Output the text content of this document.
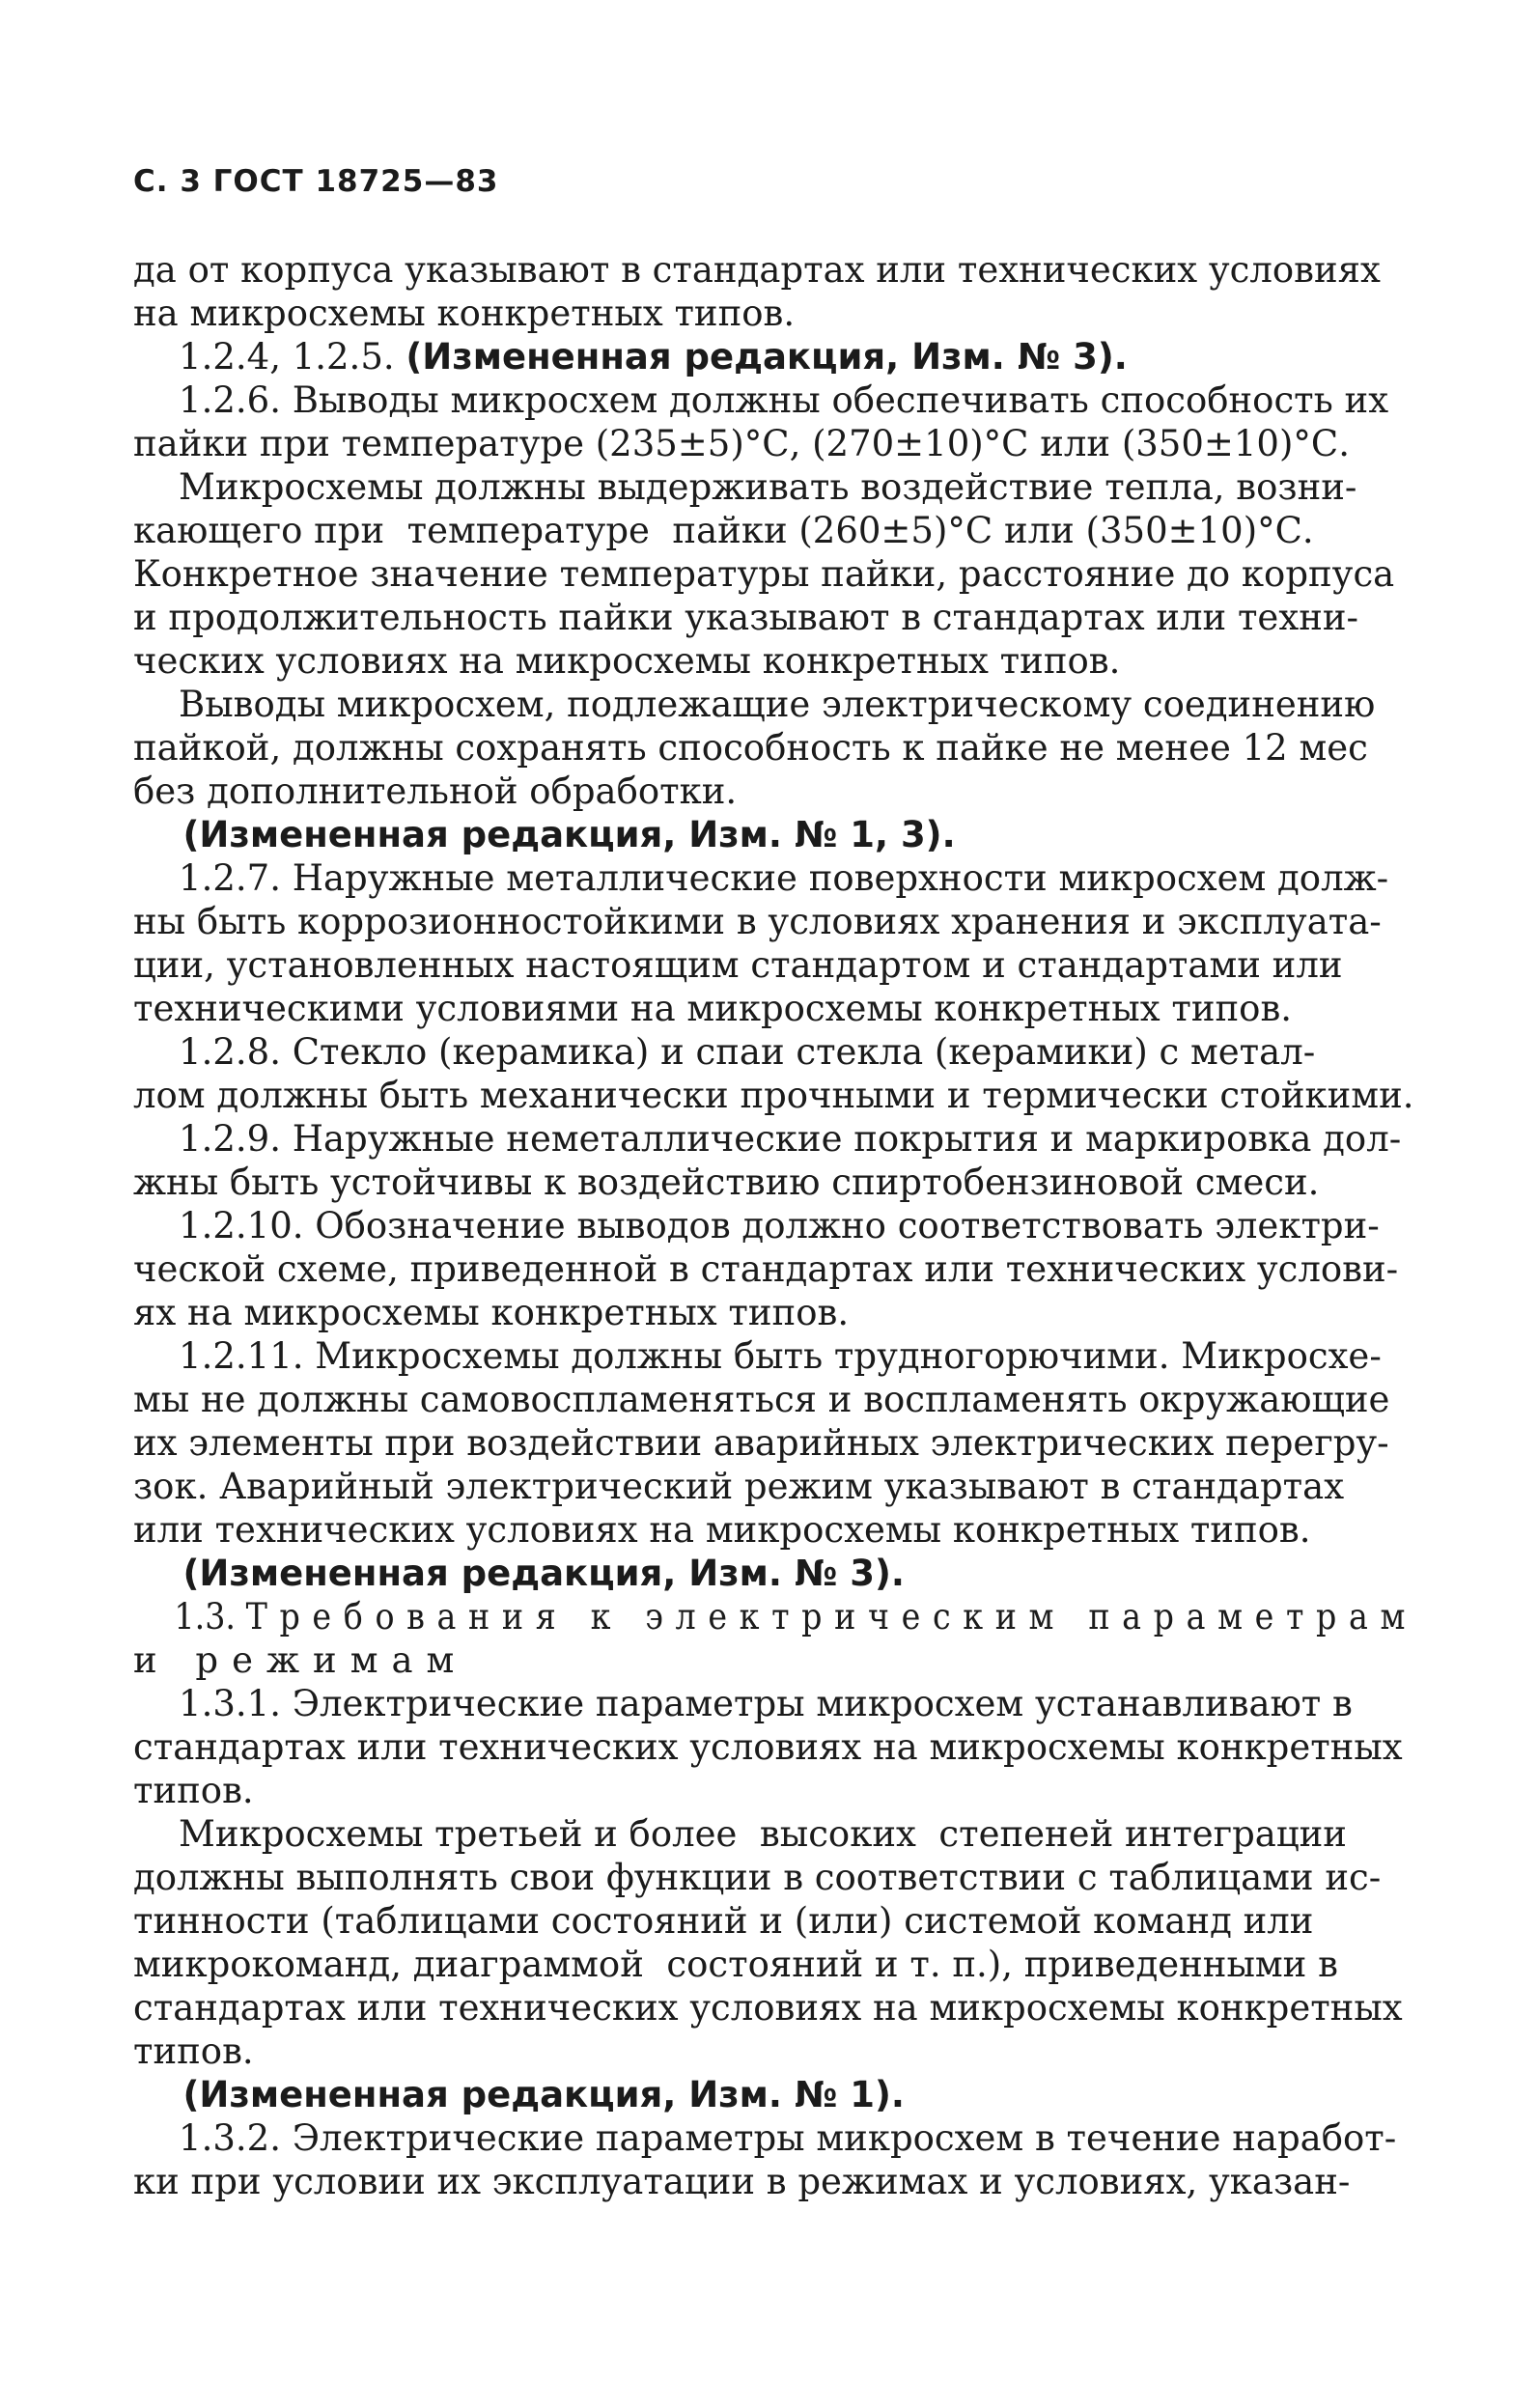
С. 3 ГОСТ 18725—83
да от корпуса указывают в стандартах или технических условиях
на микросхемы конкретных типов.
1.2.4, 1.2.5. (Измененная редакция, Изм. № 3).
1.2.6. Выводы микросхем должны обеспечивать способность их
пайки при температуре (235±5)°С, (270±10)°С или (350±10)°С.
Микросхемы должны выдерживать воздействие тепла, возни-
кающего при  температуре  пайки (260±5)°С или (350±10)°С.
Конкретное значение температуры пайки, расстояние до корпуса
и продолжительность пайки указывают в стандартах или техни-
ческих условиях на микросхемы конкретных типов.
Выводы микросхем, подлежащие электрическому соединению
пайкой, должны сохранять способность к пайке не менее 12 мес
без дополнительной обработки.
(Измененная редакция, Изм. № 1, 3).
1.2.7. Наружные металлические поверхности микросхем долж-
ны быть коррозионностойкими в условиях хранения и эксплуата-
ции, установленных настоящим стандартом и стандартами или
техническими условиями на микросхемы конкретных типов.
1.2.8. Стекло (керамика) и спаи стекла (керамики) с метал-
лом должны быть механически прочными и термически стойкими.
1.2.9. Наружные неметаллические покрытия и маркировка дол-
жны быть устойчивы к воздействию спиртобензиновой смеси.
1.2.10. Обозначение выводов должно соответствовать электри-
ческой схеме, приведенной в стандартах или технических услови-
ях на микросхемы конкретных типов.
1.2.11. Микросхемы должны быть трудногорючими. Микросхе-
мы не должны самовоспламеняться и воспламенять окружающие
их элементы при воздействии аварийных электрических перегру-
зок. Аварийный электрический режим указывают в стандартах
или технических условиях на микросхемы конкретных типов.
(Измененная редакция, Изм. № 3).
1.3. Требования к электрическим параметрам
и режимам
1.3.1. Электрические параметры микросхем устанавливают в
стандартах или технических условиях на микросхемы конкретных
типов.
Микросхемы третьей и более  высоких  степеней интеграции
должны выполнять свои функции в соответствии с таблицами ис-
тинности (таблицами состояний и (или) системой команд или
микрокоманд, диаграммой  состояний и т. п.), приведенными в
стандартах или технических условиях на микросхемы конкретных
типов.
(Измененная редакция, Изм. № 1).
1.3.2. Электрические параметры микросхем в течение наработ-
ки при условии их эксплуатации в режимах и условиях, указан-
